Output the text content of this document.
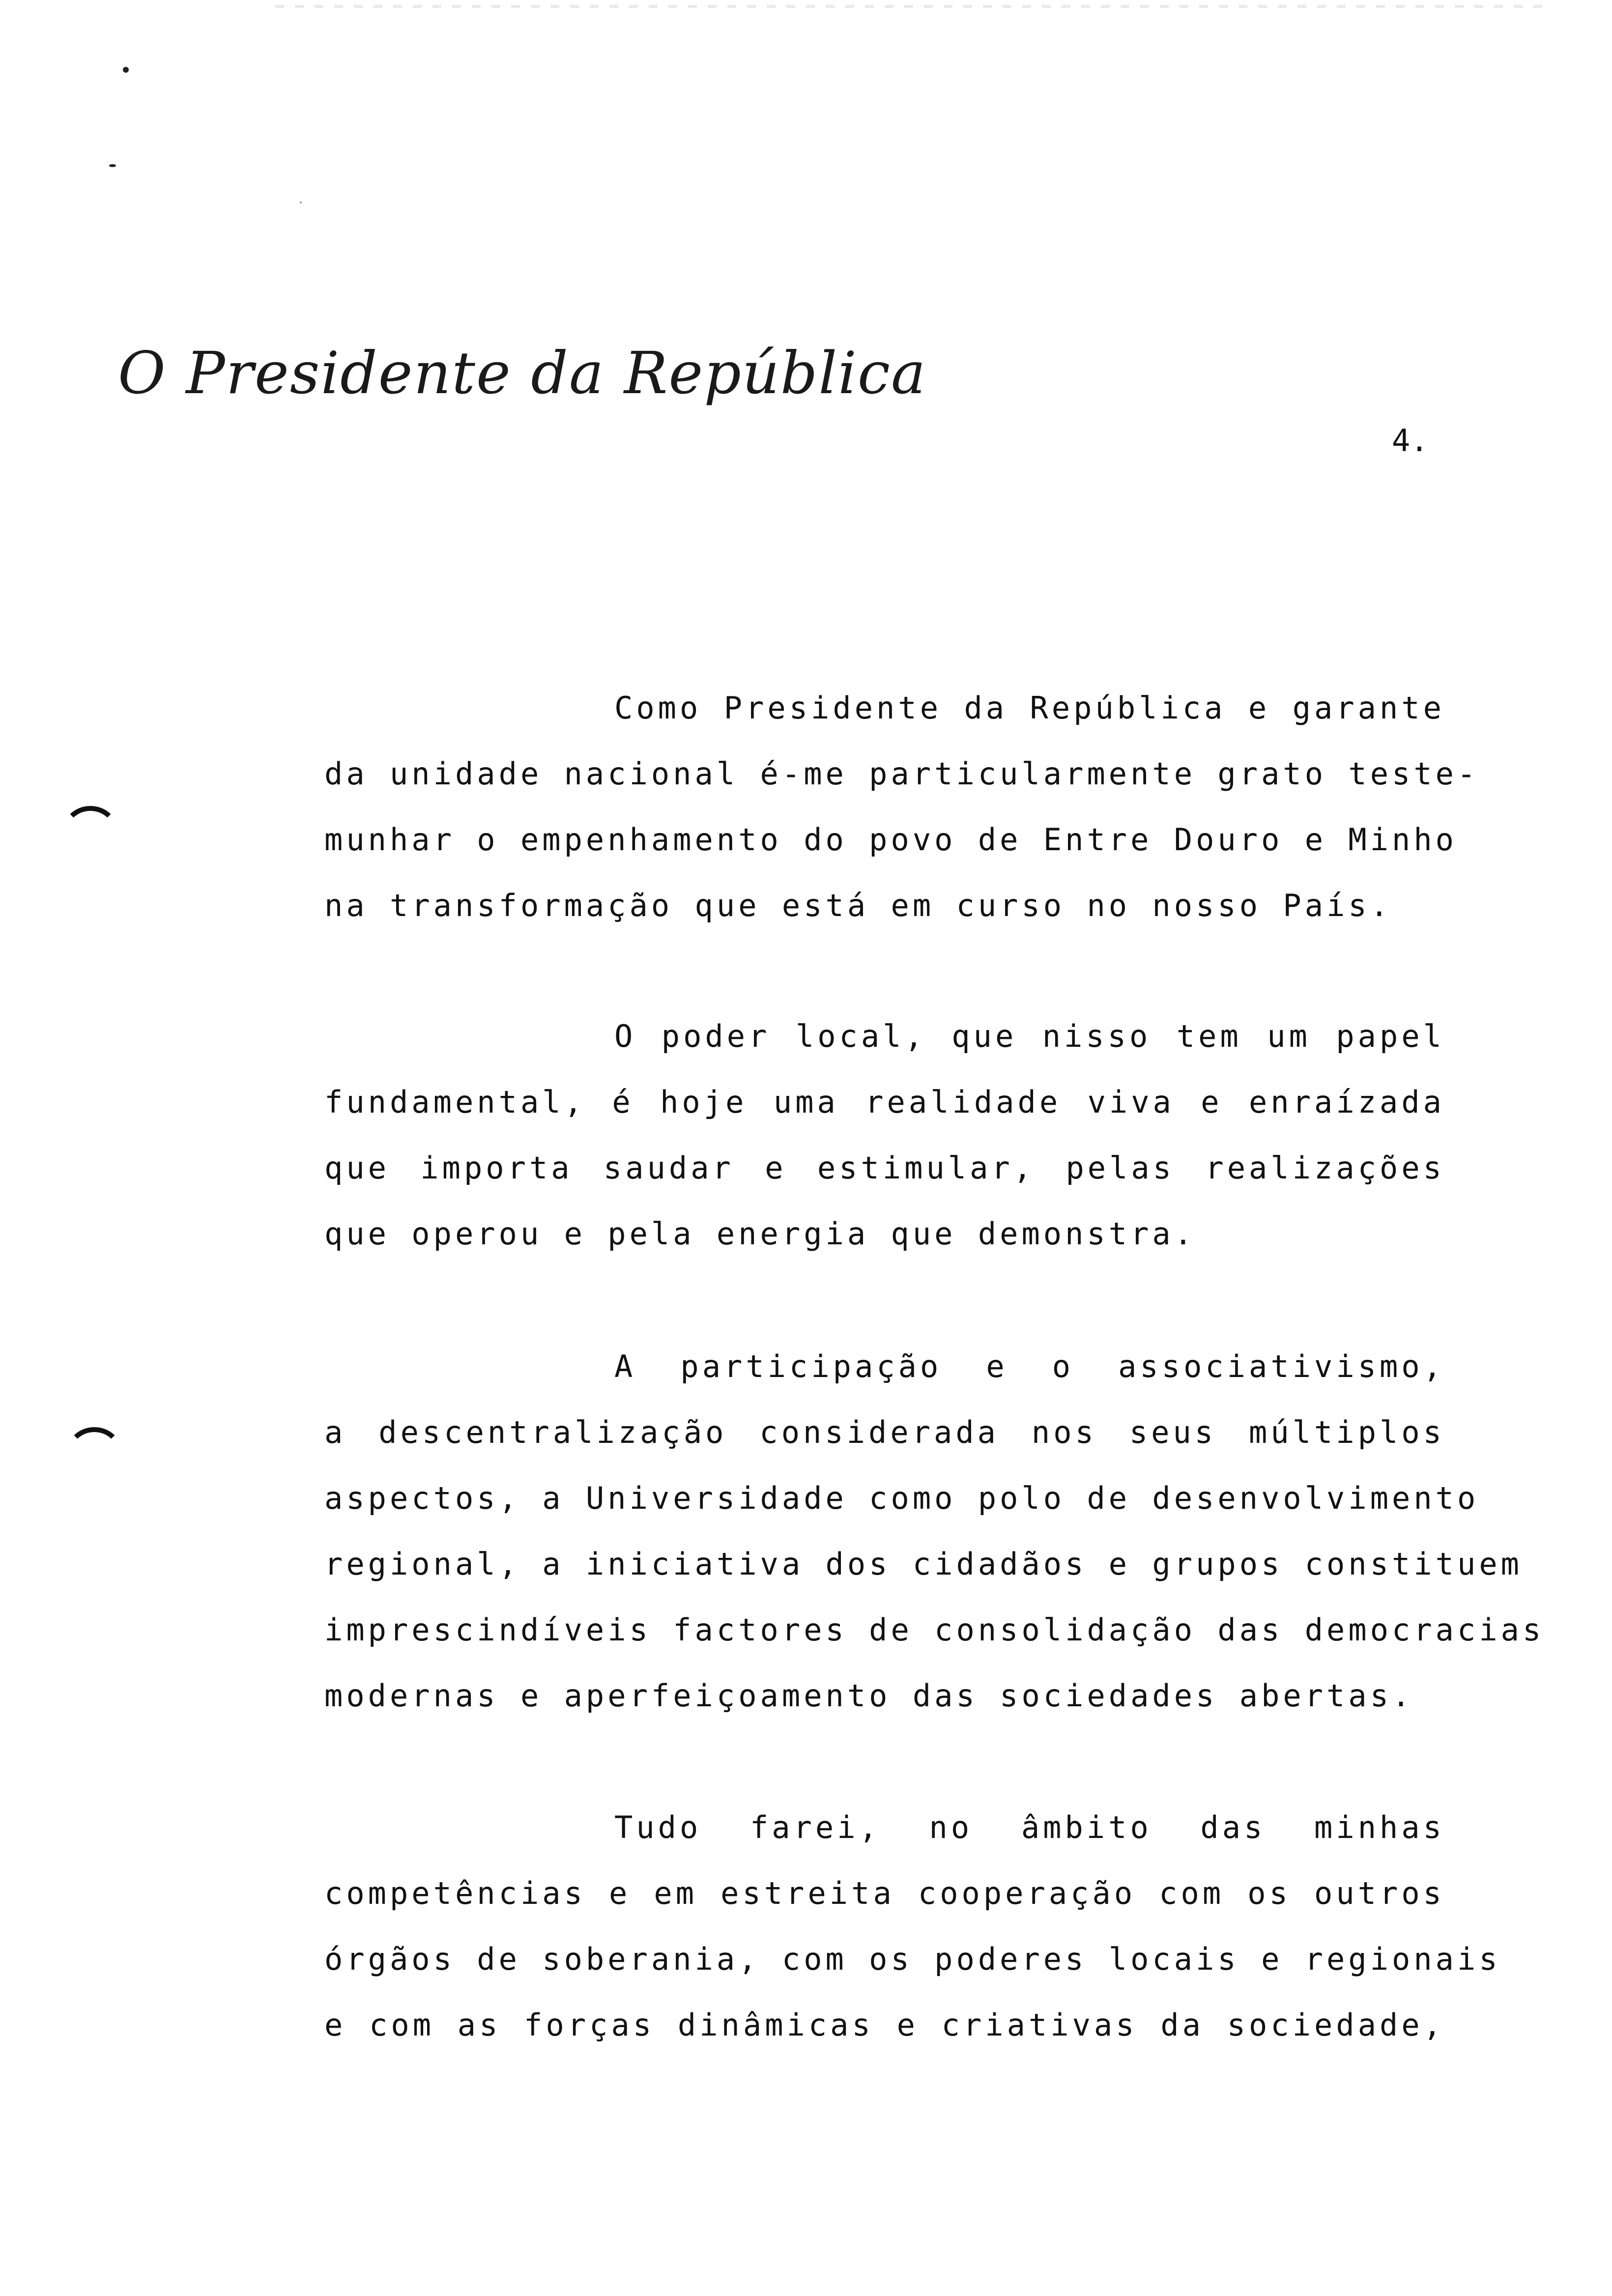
O Presidente da República
4.
Como Presidente da República e garante
da unidade nacional é-me particularmente grato teste-
munhar o empenhamento do povo de Entre Douro e Minho
na transformação que está em curso no nosso País.
O poder local, que nisso tem um papel
fundamental, é hoje uma realidade viva e enraízada
que importa saudar e estimular, pelas realizações
que operou e pela energia que demonstra.
A participação e o associativismo,
a descentralização considerada nos seus múltiplos
aspectos, a Universidade como polo de desenvolvimento
regional, a iniciativa dos cidadãos e grupos constituem
imprescindíveis factores de consolidação das democracias
modernas e aperfeiçoamento das sociedades abertas.
Tudo farei, no âmbito das minhas
competências e em estreita cooperação com os outros
órgãos de soberania, com os poderes locais e regionais
e com as forças dinâmicas e criativas da sociedade,
